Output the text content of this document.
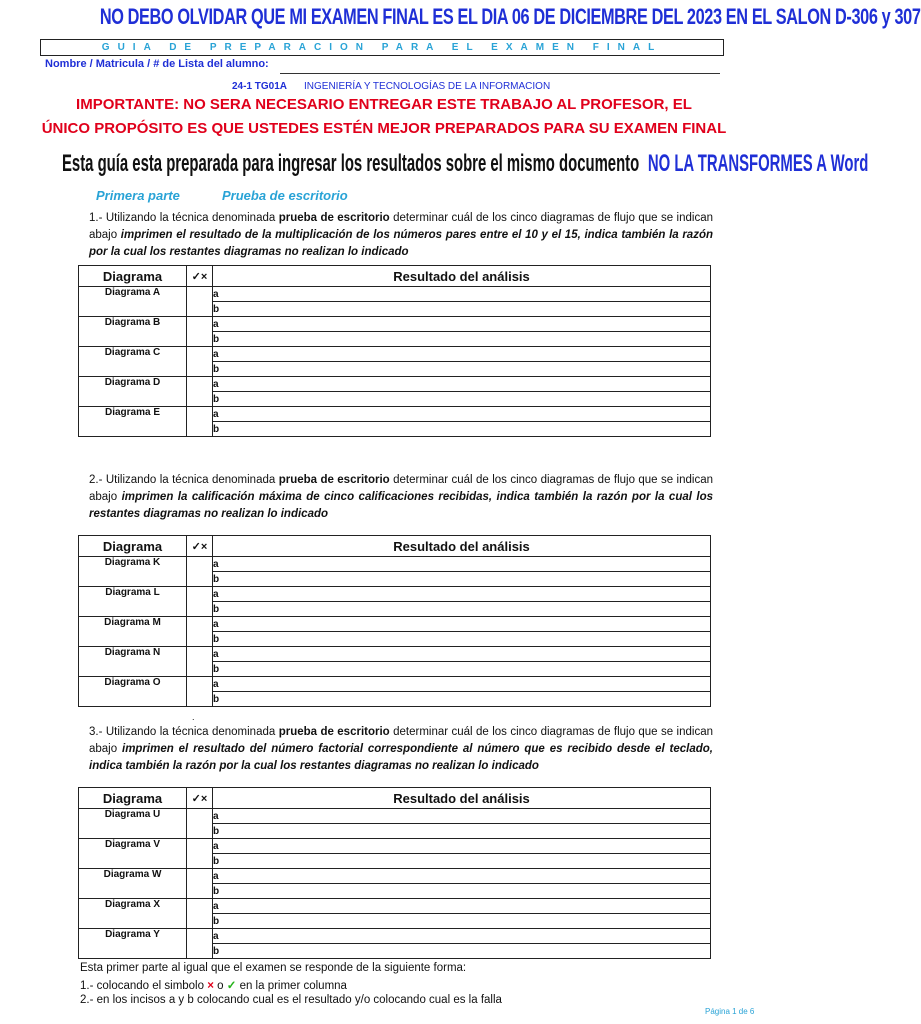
NO DEBO OLVIDAR QUE MI EXAMEN FINAL ES EL DIA 06 DE DICIEMBRE DEL 2023 EN EL SALON D-306 y 307
GUIA DE PREPARACION PARA EL EXAMEN FINAL
Nombre / Matricula / # de Lista del alumno:
24-1 TG01A INGENIERÍA Y TECNOLOGÍAS DE LA INFORMACION
IMPORTANTE: NO SERA NECESARIO ENTREGAR ESTE TRABAJO AL PROFESOR, EL
ÚNICO PROPÓSITO ES QUE USTEDES ESTÉN MEJOR PREPARADOS PARA SU EXAMEN FINAL
Esta guía esta preparada para ingresar los resultados sobre el mismo documento NO LA TRANSFORMES A Word
Primera parte	Prueba de escritorio
1.- Utilizando la técnica denominada prueba de escritorio determinar cuál de los cinco diagramas de flujo que se indican abajo imprimen el resultado de la multiplicación de los números pares entre el 10 y el 15, indica también la razón por la cual los restantes diagramas no realizan lo indicado
Diagrama	✓×	Resultado del análisis
Diagrama A		a
		b
Diagrama B		a
		b
Diagrama C		a
		b
Diagrama D		a
		b
Diagrama E		a
		b
2.- Utilizando la técnica denominada prueba de escritorio determinar cuál de los cinco diagramas de flujo que se indican abajo imprimen la calificación máxima de cinco calificaciones recibidas, indica también la razón por la cual los restantes diagramas no realizan lo indicado
Diagrama	✓×	Resultado del análisis
Diagrama K		a
		b
Diagrama L		a
		b
Diagrama M		a
		b
Diagrama N		a
		b
Diagrama O		a
		b
.
3.- Utilizando la técnica denominada prueba de escritorio determinar cuál de los cinco diagramas de flujo que se indican abajo imprimen el resultado del número factorial correspondiente al número que es recibido desde el teclado, indica también la razón por la cual los restantes diagramas no realizan lo indicado
Diagrama	✓×	Resultado del análisis
Diagrama U		a
		b
Diagrama V		a
		b
Diagrama W		a
		b
Diagrama X		a
		b
Diagrama Y		a
		b
Esta primer parte al igual que el examen se responde de la siguiente forma:
1.- colocando el simbolo × o ✓ en la primer columna
2.- en los incisos a y b colocando cual es el resultado y/o colocando cual es la falla
Página 1 de 6
